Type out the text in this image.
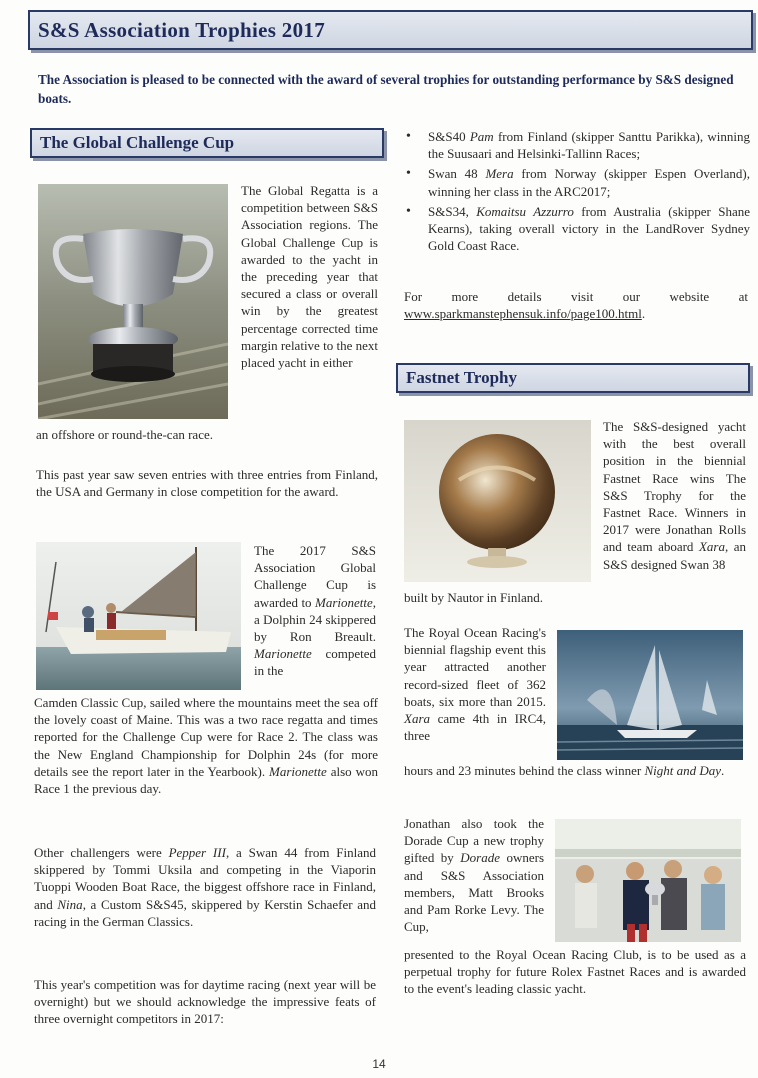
S&S Association Trophies 2017

The Association is pleased to be connected with the award of several trophies for outstanding performance by S&S designed boats.

The Global Challenge Cup

The Global Regatta is a competition between S&S Association regions. The Global Challenge Cup is awarded to the yacht in the preceding year that secured a class or overall win by the greatest percentage corrected time margin relative to the next placed yacht in either

an offshore or round-the-can race.

This past year saw seven entries with three entries from Finland, the USA and Germany in close competition for the award.

The 2017 S&S Association Global Challenge Cup is awarded to Marionette, a Dolphin 24 skippered by Ron Breault. Marionette competed in the

Camden Classic Cup, sailed where the mountains meet the sea off the lovely coast of Maine. This was a two race regatta and times reported for the Challenge Cup were for Race 2. The class was the New England Championship for Dolphin 24s (for more details see the report later in the Yearbook). Marionette also won Race 1 the previous day.

Other challengers were Pepper III, a Swan 44 from Finland skippered by Tommi Uksila and competing in the Viaporin Tuoppi Wooden Boat Race, the biggest offshore race in Finland, and Nina, a Custom S&S45, skippered by Kerstin Schaefer and racing in the German Classics.

This year's competition was for daytime racing (next year will be overnight) but we should acknowledge the impressive feats of three overnight competitors in 2017:

• S&S40 Pam from Finland (skipper Santtu Parikka), winning the Suusaari and Helsinki-Tallinn Races;
• Swan 48 Mera from Norway (skipper Espen Overland), winning her class in the ARC2017;
• S&S34, Komaitsu Azzurro from Australia (skipper Shane Kearns), taking overall victory in the LandRover Sydney Gold Coast Race.

For more details visit our website at www.sparkmanstephensuk.info/page100.html.

Fastnet Trophy

The S&S-designed yacht with the best overall position in the biennial Fastnet Race wins The S&S Trophy for the Fastnet Race. Winners in 2017 were Jonathan Rolls and team aboard Xara, an S&S designed Swan 38

built by Nautor in Finland.

The Royal Ocean Racing's biennial flagship event this year attracted another record-sized fleet of 362 boats, six more than 2015. Xara came 4th in IRC4, three

hours and 23 minutes behind the class winner Night and Day.

Jonathan also took the Dorade Cup a new trophy gifted by Dorade owners and S&S Association members, Matt Brooks and Pam Rorke Levy. The Cup,

presented to the Royal Ocean Racing Club, is to be used as a perpetual trophy for future Rolex Fastnet Races and is awarded to the event's leading classic yacht.

14
